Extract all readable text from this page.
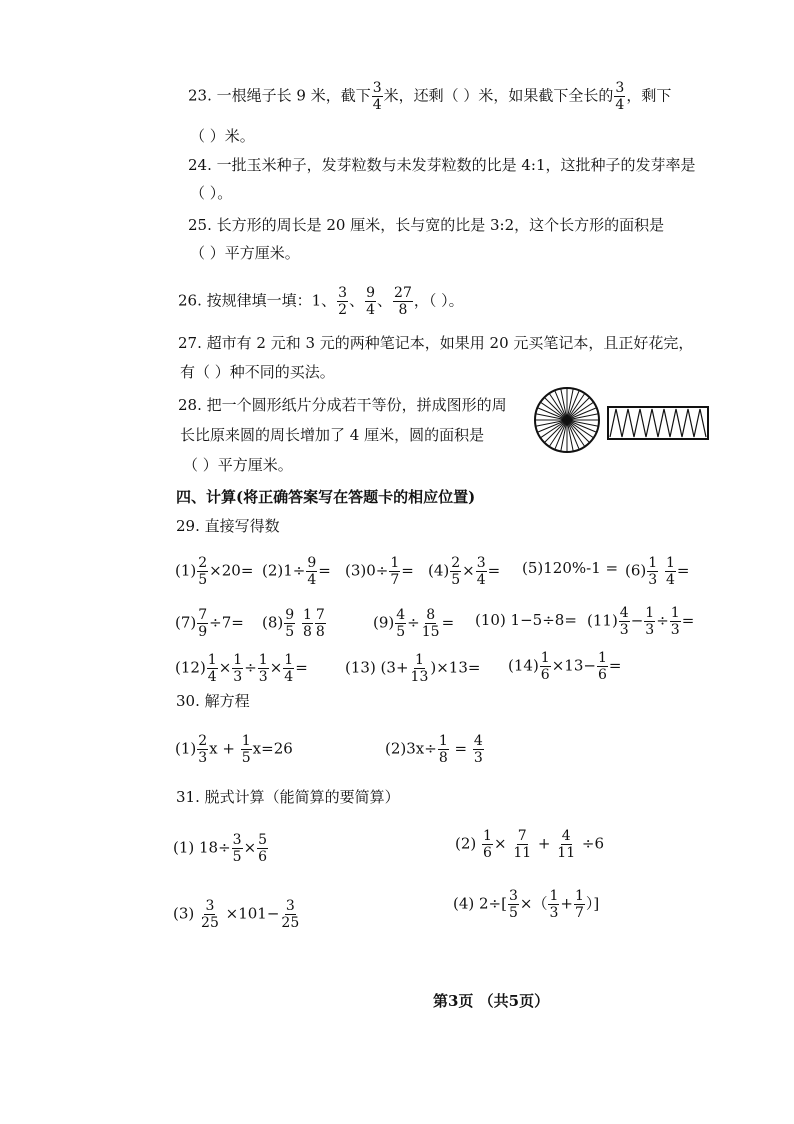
23. 一根绳子长 9 米，截下 $\frac{3}{4}$ 米，还剩（ ）米，如果截下全长的 $\frac{3}{4}$ ，剩下
（ ）米。
24. 一批玉米种子，发芽粒数与未发芽粒数的比是 4:1，这批种子的发芽率是
（ ）。
25. 长方形的周长是 20 厘米，长与宽的比是 3:2，这个长方形的面积是
（ ）平方厘米。
26. 按规律填一填：1、 $\frac{3}{2}$ 、 $\frac{9}{4}$ 、 $\frac{27}{8}$ ，（ ）。
27. 超市有 2 元和 3 元的两种笔记本，如果用 20 元买笔记本，且正好花完，
有（ ）种不同的买法。
28. 把一个圆形纸片分成若干等份，拼成图形的周
长比原来圆的周长增加了 4 厘米，圆的面积是
（ ）平方厘米。
四、计算(将正确答案写在答题卡的相应位置)
29. 直接写得数
$(1) \frac{2}{5} \times 20= (2)1\div \frac{9}{4} = (3)0\div \frac{1}{7} = (4) \frac{2}{5} \times \frac{3}{4} = (5)120\%-1 = (6) \frac{1}{3}$
$\frac{1}{4}$ =
$(7) \frac{7}{9} \div 7= (8) \frac{9}{5}$
$\frac{1}{8} \frac{7}{8}$	$(9) \frac{4}{5} \div \frac{8}{15} = (10)$ $1-5\div 8= (11) \frac{4}{3} - \frac{1}{3} \div \frac{1}{3}$ =
$(12) \frac{1}{4} \times \frac{1}{3} \div \frac{1}{3} \times \frac{1}{4} = (13)$ $(3+ \frac{1}{13} )\times 13= (14) \frac{1}{6} \times 13- \frac{1}{6}$ =
30. 解方程
$(1) \frac{2}{3}$ $x + \frac{1}{5} x=26$	$(2)3x\div \frac{1}{8} = \frac{4}{3}$
31. 脱式计算（能简算的要简算）
(1) $18\div \frac{3}{5} \times \frac{5}{6}$	$(2) \frac{1}{6} \times \frac{7}{11} + \frac{4}{11} \div 6$
$(3) \frac{3}{25} \times 101- \frac{3}{25}$	(4) $2\div[ \frac{3}{5}$ ×（ $\frac{1}{3} + \frac{1}{7}$ ）]
第3页 （共5页）
